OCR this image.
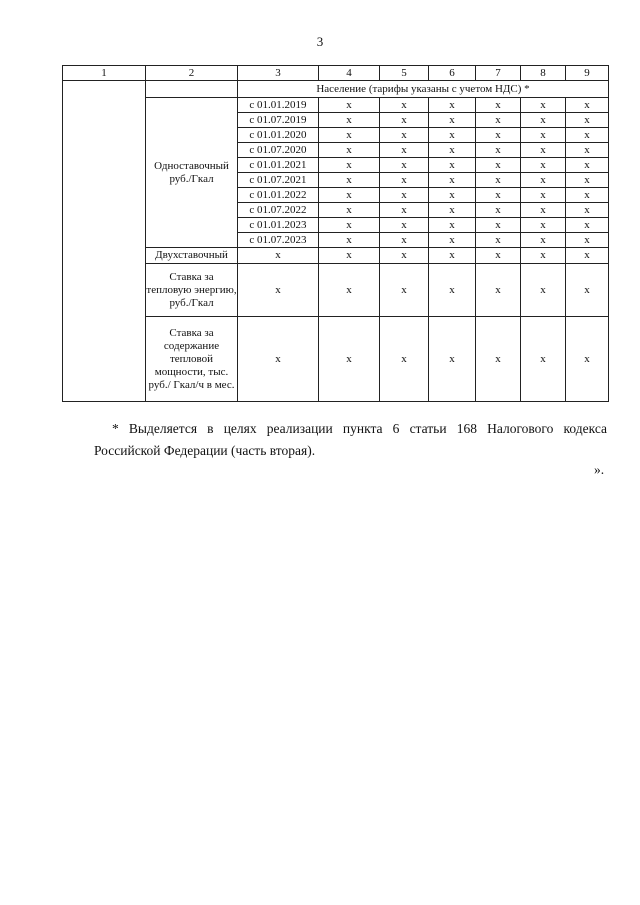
3
1	2	3	4	5	6	7	8	9
		Население (тарифы указаны с учетом НДС) *						
	Одноставочный руб./Гкал	с 01.01.2019	x	x	x	x	x	x
		с 01.07.2019	x	x	x	x	x	x
		с 01.01.2020	x	x	x	x	x	x
		с 01.07.2020	x	x	x	x	x	x
		с 01.01.2021	x	x	x	x	x	x
		с 01.07.2021	x	x	x	x	x	x
		с 01.01.2022	x	x	x	x	x	x
		с 01.07.2022	x	x	x	x	x	x
		с 01.01.2023	x	x	x	x	x	x
		с 01.07.2023	x	x	x	x	x	x
	Двухставочный	x	x	x	x	x	x	x
	Ставка за тепловую энергию, руб./Гкал	x	x	x	x	x	x	x
	Ставка за содержание тепловой мощности, тыс. руб./ Гкал/ч в мес.	x	x	x	x	x	x	x
* Выделяется в целях реализации пункта 6 статьи 168 Налогового кодекса Российской Федерации (часть вторая).
».
